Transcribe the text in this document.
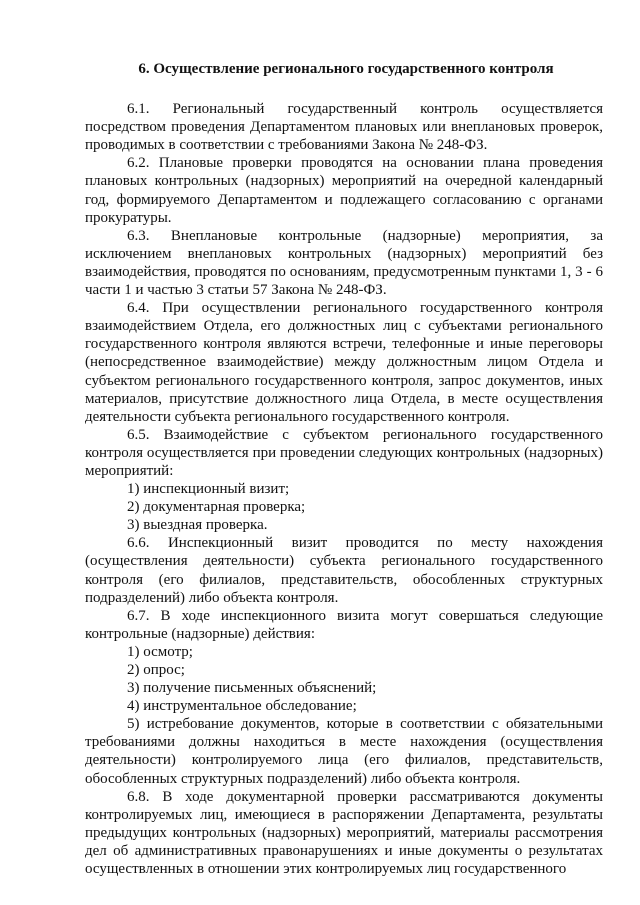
6. Осуществление регионального государственного контроля

6.1. Региональный государственный контроль осуществляется посредством проведения Департаментом плановых или внеплановых проверок, проводимых в соответствии с требованиями Закона № 248-ФЗ.

6.2. Плановые проверки проводятся на основании плана проведения плановых контрольных (надзорных) мероприятий на очередной календарный год, формируемого Департаментом и подлежащего согласованию с органами прокуратуры.

6.3. Внеплановые контрольные (надзорные) мероприятия, за исключением внеплановых контрольных (надзорных) мероприятий без взаимодействия, проводятся по основаниям, предусмотренным пунктами 1, 3 - 6 части 1 и частью 3 статьи 57 Закона № 248-ФЗ.

6.4. При осуществлении регионального государственного контроля взаимодействием Отдела, его должностных лиц с субъектами регионального государственного контроля являются встречи, телефонные и иные переговоры (непосредственное взаимодействие) между должностным лицом Отдела и субъектом регионального государственного контроля, запрос документов, иных материалов, присутствие должностного лица Отдела, в месте осуществления деятельности субъекта регионального государственного контроля.

6.5. Взаимодействие с субъектом регионального государственного контроля осуществляется при проведении следующих контрольных (надзорных) мероприятий:

1) инспекционный визит;

2) документарная проверка;

3) выездная проверка.

6.6. Инспекционный визит проводится по месту нахождения (осуществления деятельности) субъекта регионального государственного контроля (его филиалов, представительств, обособленных структурных подразделений) либо объекта контроля.

6.7. В ходе инспекционного визита могут совершаться следующие контрольные (надзорные) действия:

1) осмотр;

2) опрос;

3) получение письменных объяснений;

4) инструментальное обследование;

5) истребование документов, которые в соответствии с обязательными требованиями должны находиться в месте нахождения (осуществления деятельности) контролируемого лица (его филиалов, представительств, обособленных структурных подразделений) либо объекта контроля.

6.8. В ходе документарной проверки рассматриваются документы контролируемых лиц, имеющиеся в распоряжении Департамента, результаты предыдущих контрольных (надзорных) мероприятий, материалы рассмотрения дел об административных правонарушениях и иные документы о результатах осуществленных в отношении этих контролируемых лиц государственного
